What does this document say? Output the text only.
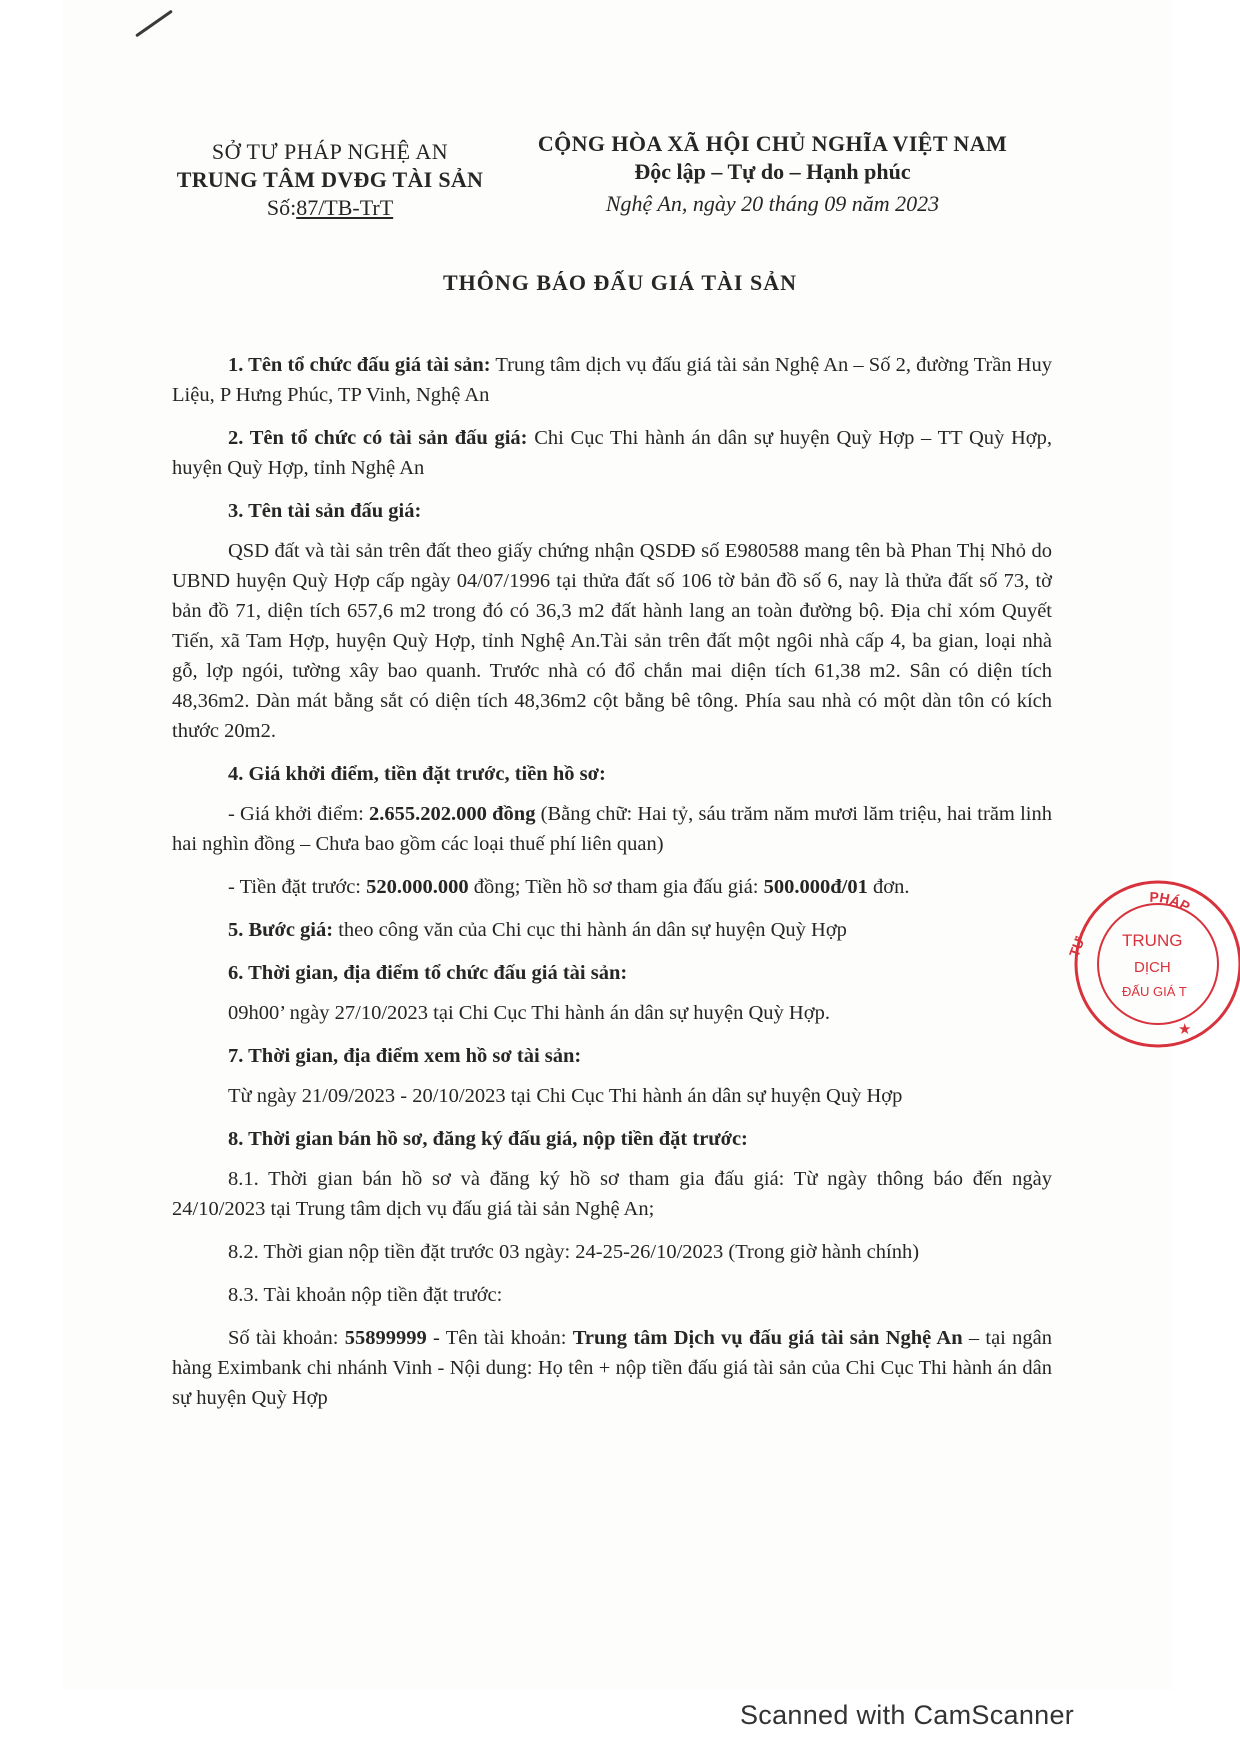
SỞ TƯ PHÁP NGHỆ AN
TRUNG TÂM DVĐG TÀI SẢN
Số:87/TB-TrT
CỘNG HÒA XÃ HỘI CHỦ NGHĨA VIỆT NAM
Độc lập – Tự do – Hạnh phúc
Nghệ An, ngày 20 tháng 09 năm 2023
THÔNG BÁO ĐẤU GIÁ TÀI SẢN

1. Tên tổ chức đấu giá tài sản: Trung tâm dịch vụ đấu giá tài sản Nghệ An – Số 2, đường Trần Huy Liệu, P Hưng Phúc, TP Vinh, Nghệ An

2. Tên tổ chức có tài sản đấu giá: Chi Cục Thi hành án dân sự huyện Quỳ Hợp – TT Quỳ Hợp, huyện Quỳ Hợp, tỉnh Nghệ An

3. Tên tài sản đấu giá:

QSD đất và tài sản trên đất theo giấy chứng nhận QSDĐ số E980588 mang tên bà Phan Thị Nhỏ do UBND huyện Quỳ Hợp cấp ngày 04/07/1996 tại thửa đất số 106 tờ bản đồ số 6, nay là thửa đất số 73, tờ bản đồ 71, diện tích 657,6 m2 trong đó có 36,3 m2 đất hành lang an toàn đường bộ. Địa chỉ xóm Quyết Tiến, xã Tam Hợp, huyện Quỳ Hợp, tỉnh Nghệ An.Tài sản trên đất một ngôi nhà cấp 4, ba gian, loại nhà gỗ, lợp ngói, tường xây bao quanh. Trước nhà có đổ chắn mai diện tích 61,38 m2. Sân có diện tích 48,36m2. Dàn mát bằng sắt có diện tích 48,36m2 cột bằng bê tông. Phía sau nhà có một dàn tôn có kích thước 20m2.

4. Giá khởi điểm, tiền đặt trước, tiền hồ sơ:

- Giá khởi điểm: 2.655.202.000 đồng (Bằng chữ: Hai tỷ, sáu trăm năm mươi lăm triệu, hai trăm linh hai nghìn đồng – Chưa bao gồm các loại thuế phí liên quan)

- Tiền đặt trước: 520.000.000 đồng; Tiền hồ sơ tham gia đấu giá: 500.000đ/01 đơn.

5. Bước giá: theo công văn của Chi cục thi hành án dân sự huyện Quỳ Hợp

6. Thời gian, địa điểm tổ chức đấu giá tài sản:

09h00’ ngày 27/10/2023 tại Chi Cục Thi hành án dân sự huyện Quỳ Hợp.

7. Thời gian, địa điểm xem hồ sơ tài sản:

Từ ngày 21/09/2023 - 20/10/2023 tại Chi Cục Thi hành án dân sự huyện Quỳ Hợp

8. Thời gian bán hồ sơ, đăng ký đấu giá, nộp tiền đặt trước:

8.1. Thời gian bán hồ sơ và đăng ký hồ sơ tham gia đấu giá: Từ ngày thông báo đến ngày 24/10/2023 tại Trung tâm dịch vụ đấu giá tài sản Nghệ An;

8.2. Thời gian nộp tiền đặt trước 03 ngày: 24-25-26/10/2023 (Trong giờ hành chính)

8.3. Tài khoản nộp tiền đặt trước:

Số tài khoản: 55899999 - Tên tài khoản: Trung tâm Dịch vụ đấu giá tài sản Nghệ An – tại ngân hàng Eximbank chi nhánh Vinh - Nội dung: Họ tên + nộp tiền đấu giá tài sản của Chi Cục Thi hành án dân sự huyện Quỳ Hợp

PHÁP
TƯ TRUNG
DỊCH
ĐẤU GIÁ T
★
Scanned with CamScanner
